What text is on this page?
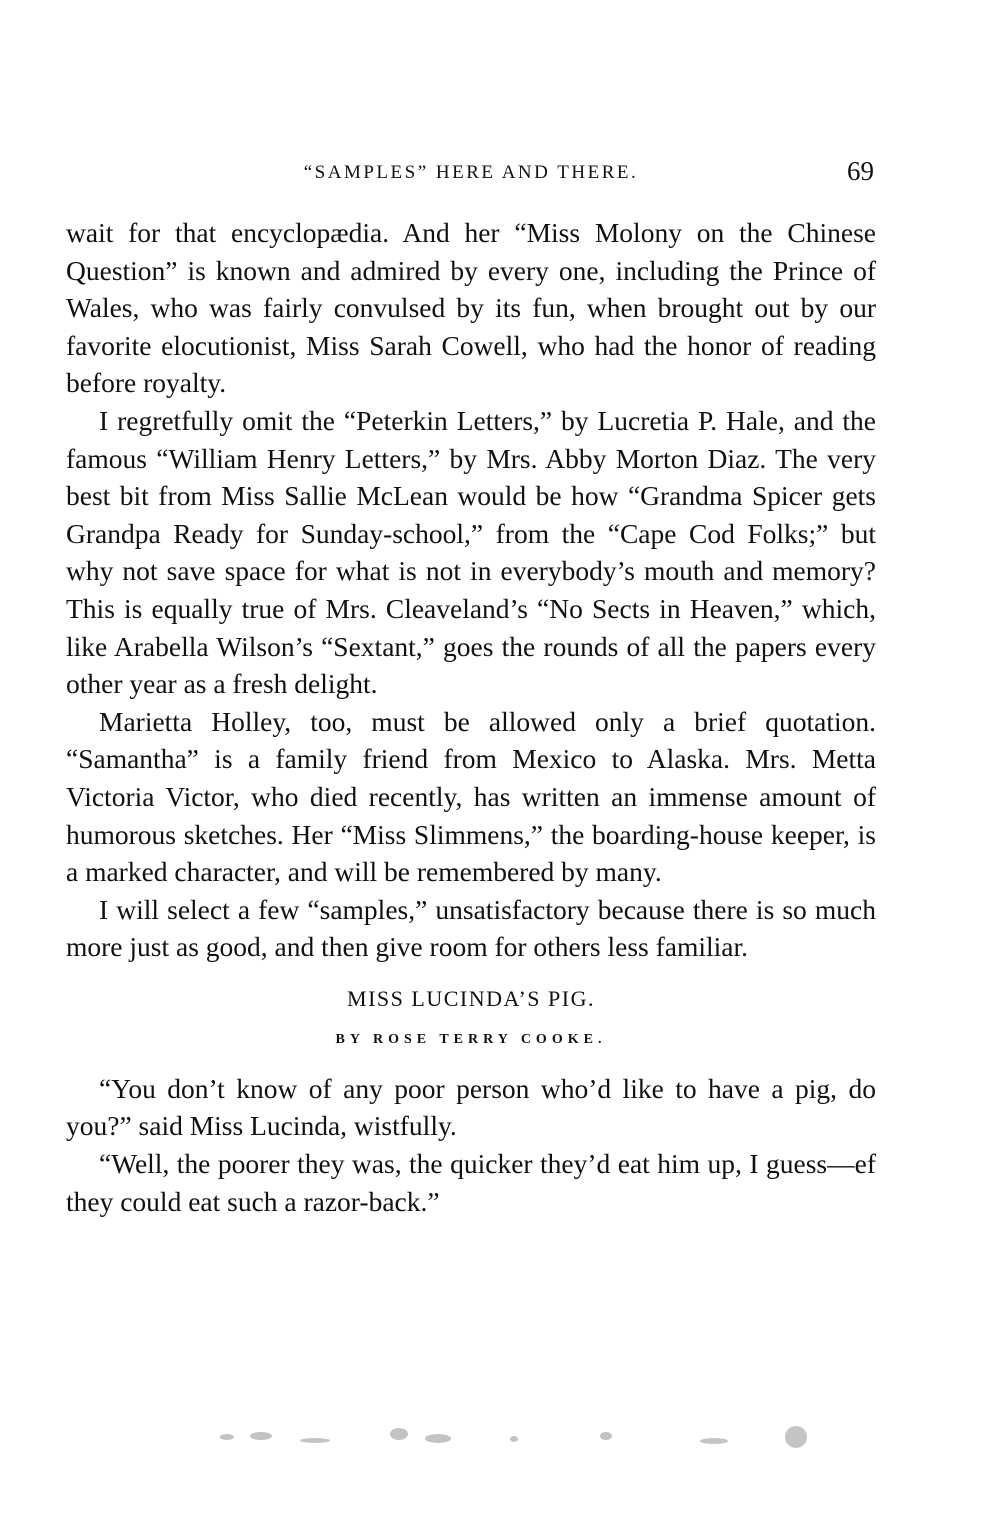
“SAMPLES” HERE AND THERE.	69

wait for that encyclopædia. And her “Miss Molony on the Chinese Question” is known and admired by every one, including the Prince of Wales, who was fairly convulsed by its fun, when brought out by our favorite elocutionist, Miss Sarah Cowell, who had the honor of reading before royalty.

I regretfully omit the “Peterkin Letters,” by Lucretia P. Hale, and the famous “William Henry Letters,” by Mrs. Abby Morton Diaz. The very best bit from Miss Sallie McLean would be how “Grandma Spicer gets Grandpa Ready for Sunday-school,” from the “Cape Cod Folks;” but why not save space for what is not in everybody’s mouth and memory? This is equally true of Mrs. Cleaveland’s “No Sects in Heaven,” which, like Arabella Wilson’s “Sextant,” goes the rounds of all the papers every other year as a fresh delight.

Marietta Holley, too, must be allowed only a brief quotation. “Samantha” is a family friend from Mexico to Alaska. Mrs. Metta Victoria Victor, who died recently, has written an immense amount of humorous sketches. Her “Miss Slimmens,” the boarding-house keeper, is a marked character, and will be remembered by many.

I will select a few “samples,” unsatisfactory because there is so much more just as good, and then give room for others less familiar.

MISS LUCINDA’S PIG.
BY ROSE TERRY COOKE.

“You don’t know of any poor person who’d like to have a pig, do you?” said Miss Lucinda, wistfully.

“Well, the poorer they was, the quicker they’d eat him up, I guess—ef they could eat such a razor-back.”
